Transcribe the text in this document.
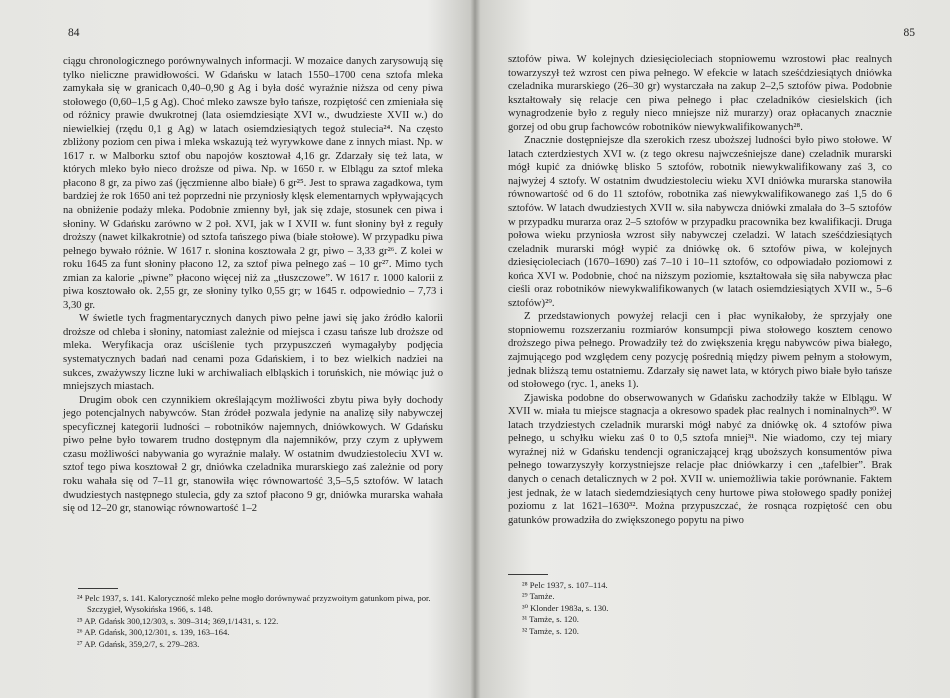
84

ciągu chronologicznego porównywalnych informacji. W mozaice danych zarysowują się tylko nieliczne prawidłowości. W Gdańsku w latach 1550–1700 cena sztofa mleka zamykała się w granicach 0,40–0,90 g Ag i była dość wyraźnie niższa od ceny piwa stołowego (0,60–1,5 g Ag). Choć mleko zawsze było tańsze, rozpiętość cen zmieniała się od różnicy prawie dwukrotnej (lata osiemdziesiąte XVI w., dwudzieste XVII w.) do niewielkiej (rzędu 0,1 g Ag) w latach osiemdziesiątych tegoż stulecia²⁴. Na często zbliżony poziom cen piwa i mleka wskazują też wyrywkowe dane z innych miast. Np. w 1617 r. w Malborku sztof obu napojów kosztował 4,16 gr. Zdarzały się też lata, w których mleko było nieco droższe od piwa. Np. w 1650 r. w Elblągu za sztof mleka płacono 8 gr, za piwo zaś (jęczmienne albo białe) 6 gr²⁵. Jest to sprawa zagadkowa, tym bardziej że rok 1650 ani też poprzedni nie przyniosły klęsk elementarnych wpływających na obniżenie podaży mleka. Podobnie zmienny był, jak się zdaje, stosunek cen piwa i słoniny. W Gdańsku zarówno w 2 poł. XVI, jak w I XVII w. funt słoniny był z reguły droższy (nawet kilkakrotnie) od sztofa tańszego piwa (białe stołowe). W przypadku piwa pełnego bywało różnie. W 1617 r. słonina kosztowała 2 gr, piwo – 3,33 gr²⁶. Z kolei w roku 1645 za funt słoniny płacono 12, za sztof piwa pełnego zaś – 10 gr²⁷. Mimo tych zmian za kalorie „piwne” płacono więcej niż za „tłuszczowe”. W 1617 r. 1000 kalorii z piwa kosztowało ok. 2,55 gr, ze słoniny tylko 0,55 gr; w 1645 r. odpowiednio – 7,73 i 3,30 gr.

W świetle tych fragmentarycznych danych piwo pełne jawi się jako źródło kalorii droższe od chleba i słoniny, natomiast zależnie od miejsca i czasu tańsze lub droższe od mleka. Weryfikacja oraz uściślenie tych przypuszczeń wymagałyby podjęcia systematycznych badań nad cenami poza Gdańskiem, i to bez wielkich nadziei na sukces, zważywszy liczne luki w archiwaliach elbląskich i toruńskich, nie mówiąc już o mniejszych miastach.

Drugim obok cen czynnikiem określającym możliwości zbytu piwa były dochody jego potencjalnych nabywców. Stan źródeł pozwala jedynie na analizę siły nabywczej specyficznej kategorii ludności – robotników najemnych, dniówkowych. W Gdańsku piwo pełne było towarem trudno dostępnym dla najemników, przy czym z upływem czasu możliwości nabywania go wyraźnie malały. W ostatnim dwudziestoleciu XVI w. sztof tego piwa kosztował 2 gr, dniówka czeladnika murarskiego zaś zależnie od pory roku wahała się od 7–11 gr, stanowiła więc równowartość 3,5–5,5 sztofów. W latach dwudziestych następnego stulecia, gdy za sztof płacono 9 gr, dniówka murarska wahała się od 12–20 gr, stanowiąc równowartość 1–2

²⁴ Pelc 1937, s. 141. Kaloryczność mleko pełne mogło dorównywać przyzwoitym gatunkom piwa, por. Szczygieł, Wysokińska 1966, s. 148.

²⁵ AP. Gdańsk 300,12/303, s. 309–314; 369,1/1431, s. 122.

²⁶ AP. Gdańsk, 300,12/301, s. 139, 163–164.

²⁷ AP. Gdańsk, 359,2/7, s. 279–283.

85

sztofów piwa. W kolejnych dziesięcioleciach stopniowemu wzrostowi płac realnych towarzyszył też wzrost cen piwa pełnego. W efekcie w latach sześćdziesiątych dniówka czeladnika murarskiego (26–30 gr) wystarczała na zakup 2–2,5 sztofów piwa. Podobnie kształtowały się relacje cen piwa pełnego i płac czeladników ciesielskich (ich wynagrodzenie było z reguły nieco mniejsze niż murarzy) oraz opłacanych znacznie gorzej od obu grup fachowców robotników niewykwalifikowanych²⁸.

Znacznie dostępniejsze dla szerokich rzesz uboższej ludności było piwo stołowe. W latach czterdziestych XVI w. (z tego okresu najwcześniejsze dane) czeladnik murarski mógł kupić za dniówkę blisko 5 sztofów, robotnik niewykwalifikowany zaś 3, co najwyżej 4 sztofy. W ostatnim dwudziestoleciu wieku XVI dniówka murarska stanowiła równowartość od 6 do 11 sztofów, robotnika zaś niewykwalifikowanego zaś 1,5 do 6 sztofów. W latach dwudziestych XVII w. siła nabywcza dniówki zmalała do 3–5 sztofów w przypadku murarza oraz 2–5 sztofów w przypadku pracownika bez kwalifikacji. Druga połowa wieku przyniosła wzrost siły nabywczej czeladzi. W latach sześćdziesiątych czeladnik murarski mógł wypić za dniówkę ok. 6 sztofów piwa, w kolejnych dziesięcioleciach (1670–1690) zaś 7–10 i 10–11 sztofów, co odpowiadało poziomowi z końca XVI w. Podobnie, choć na niższym poziomie, kształtowała się siła nabywcza płac cieśli oraz robotników niewykwalifikowanych (w latach osiemdziesiątych XVII w., 5–6 sztofów)²⁹.

Z przedstawionych powyżej relacji cen i płac wynikałoby, że sprzyjały one stopniowemu rozszerzaniu rozmiarów konsumpcji piwa stołowego kosztem cenowo droższego piwa pełnego. Prowadziły też do zwiększenia kręgu nabywców piwa białego, zajmującego pod względem ceny pozycję pośrednią między piwem pełnym a stołowym, jednak bliższą temu ostatniemu. Zdarzały się nawet lata, w których piwo białe było tańsze od stołowego (ryc. 1, aneks 1).

Zjawiska podobne do obserwowanych w Gdańsku zachodziły także w Elblągu. W XVII w. miała tu miejsce stagnacja a okresowo spadek płac realnych i nominalnych³⁰. W latach trzydziestych czeladnik murarski mógł nabyć za dniówkę ok. 4 sztofów piwa pełnego, u schyłku wieku zaś 0 to 0,5 sztofa mniej³¹. Nie wiadomo, czy tej miary wyraźnej niż w Gdańsku tendencji ograniczającej krąg uboższych konsumentów piwa pełnego towarzyszyły korzystniejsze relacje płac dniówkarzy i cen „tafelbier”. Brak danych o cenach detalicznych w 2 poł. XVII w. uniemożliwia takie porównanie. Faktem jest jednak, że w latach siedemdziesiątych ceny hurtowe piwa stołowego spadły poniżej poziomu z lat 1621–1630³². Można przypuszczać, że rosnąca rozpiętość cen obu gatunków prowadziła do zwiększonego popytu na piwo

²⁸ Pelc 1937, s. 107–114.

²⁹ Tamże.

³⁰ Klonder 1983a, s. 130.

³¹ Tamże, s. 120.

³² Tamże, s. 120.
